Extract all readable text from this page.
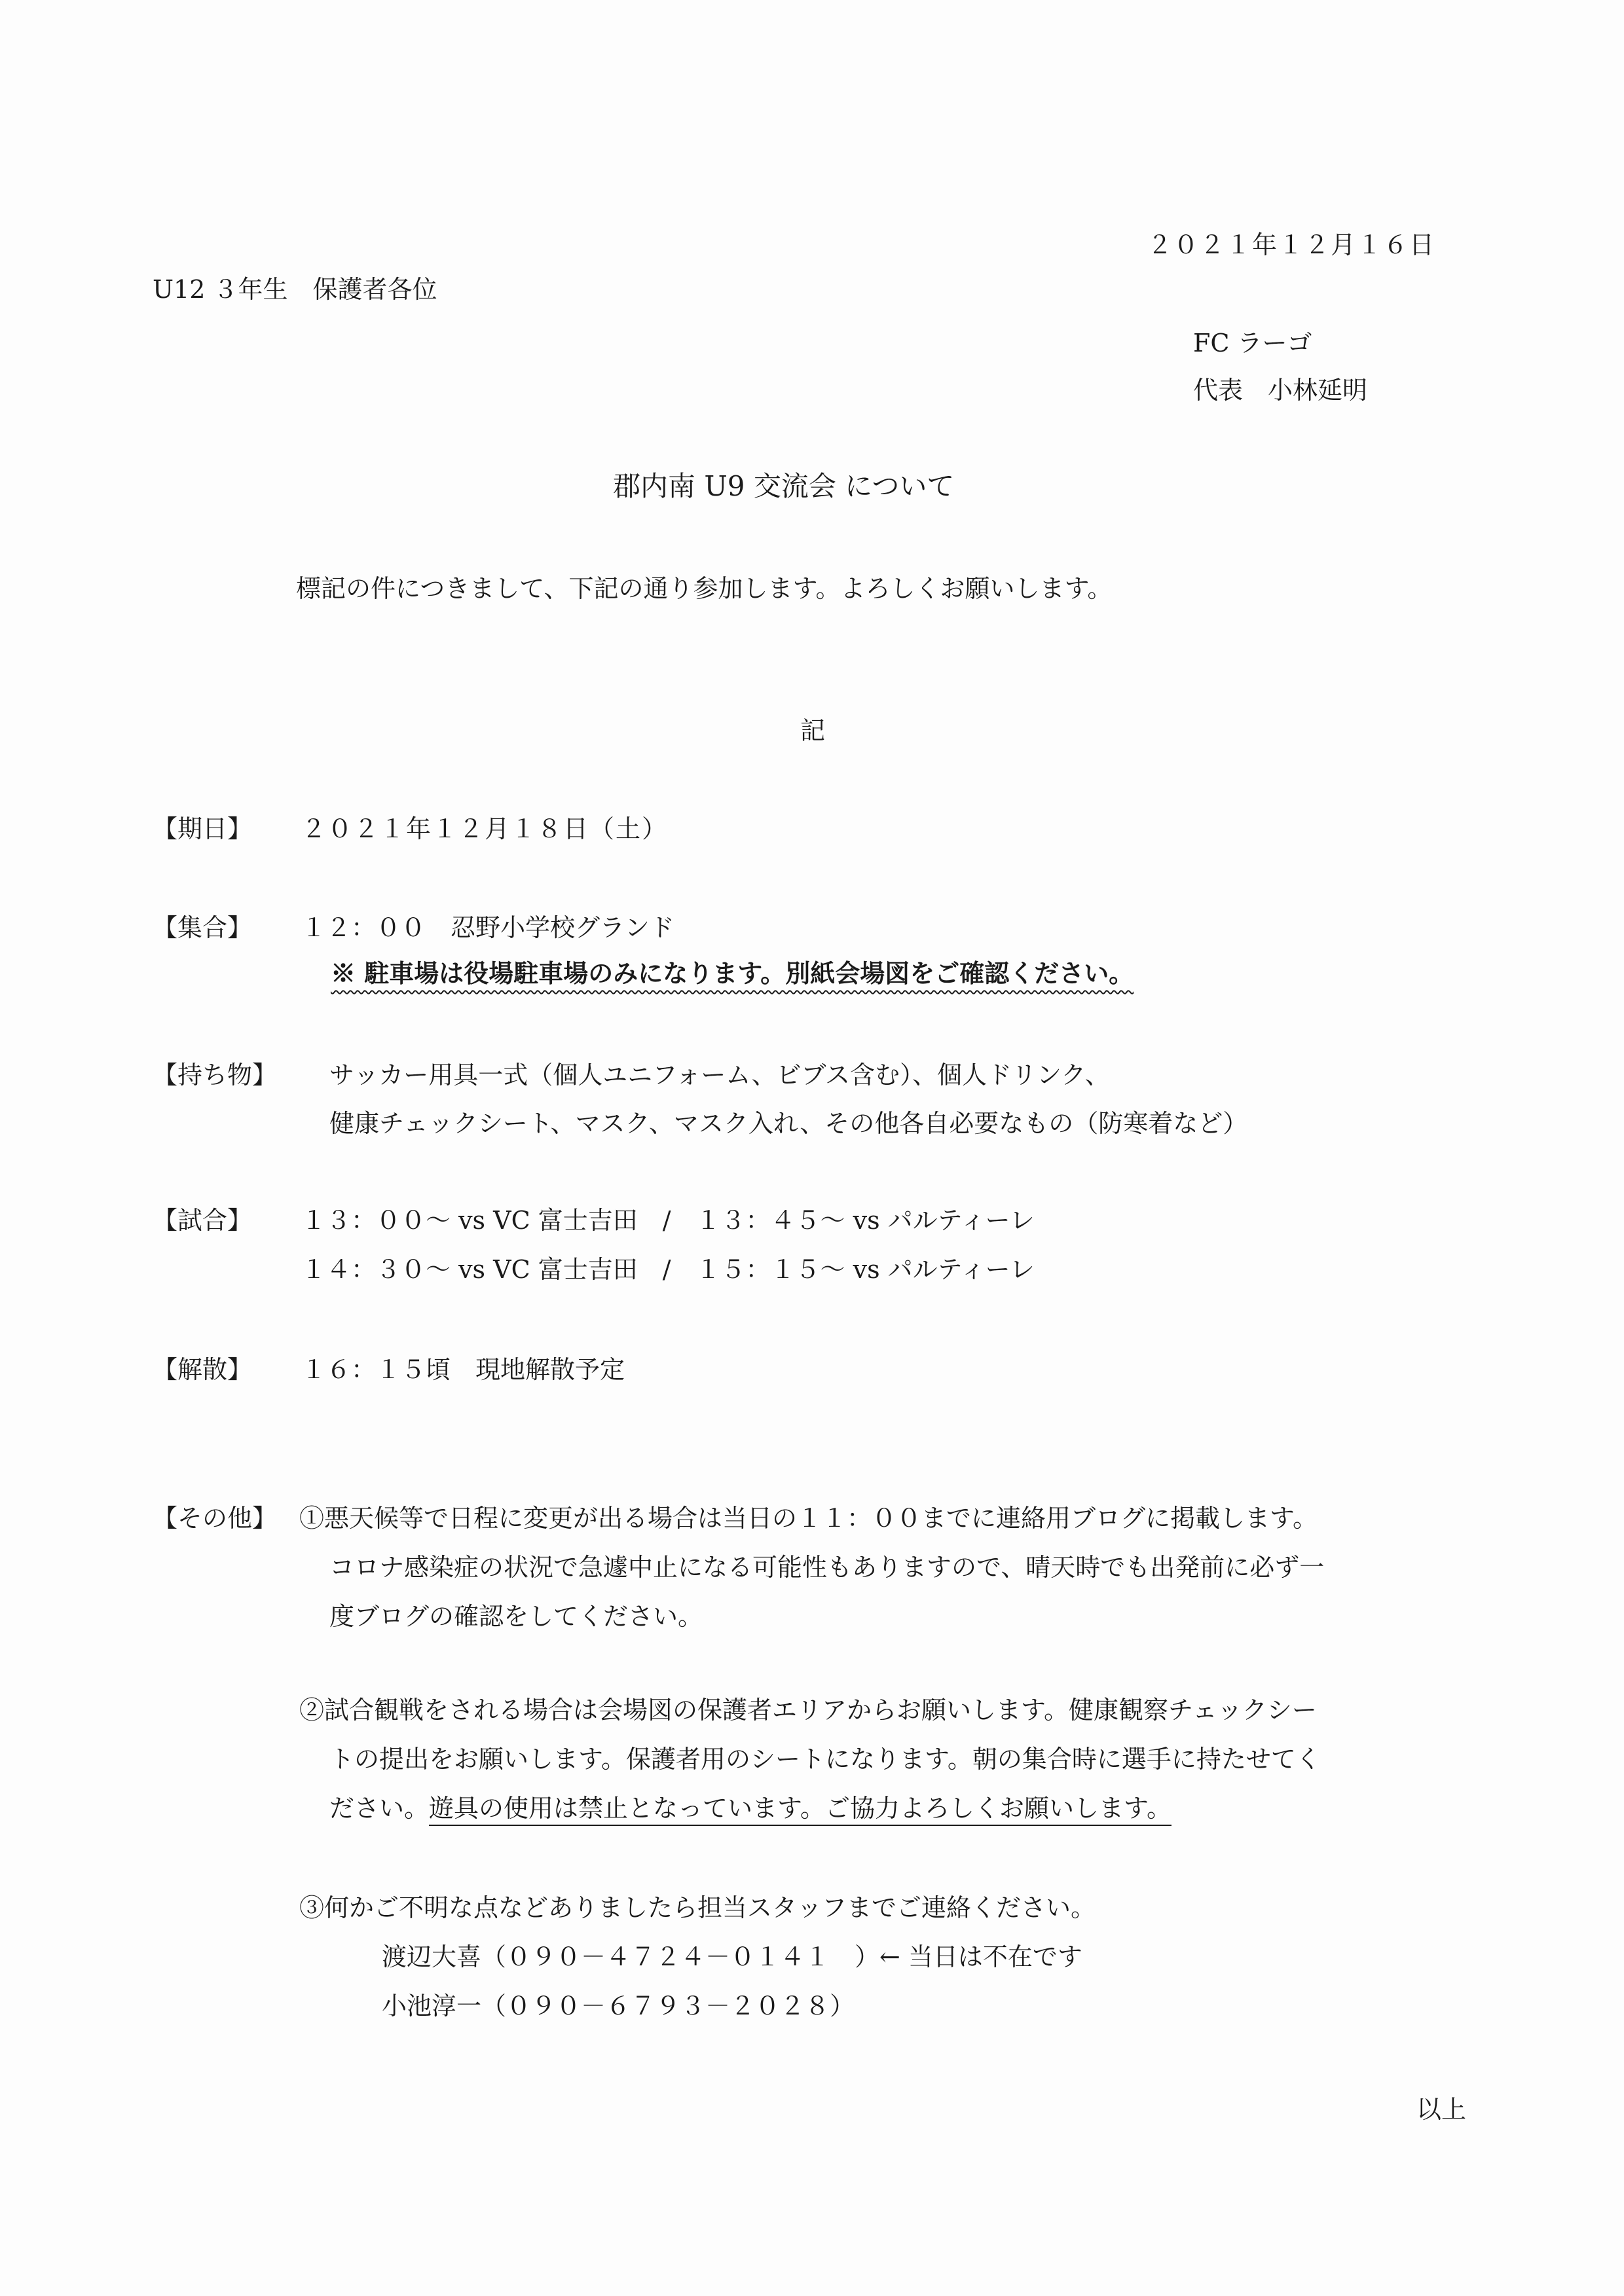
２０２１年１２月１６日
U12 ３年生　保護者各位
FC ラーゴ
代表　小林延明
郡内南 U9 交流会 について
標記の件につきまして、下記の通り参加します。よろしくお願いします。
記
【期日】 ２０２１年１２月１８日（土）
【集合】 １２：００　忍野小学校グランド
※ 駐車場は役場駐車場のみになります。別紙会場図をご確認ください。
【持ち物】 サッカー用具一式（個人ユニフォーム、ビブス含む）、個人ドリンク、
健康チェックシート、マスク、マスク入れ、その他各自必要なもの（防寒着など）
【試合】 １３：００～ vs VC 富士吉田　/　１３：４５～ vs パルティーレ
１４：３０～ vs VC 富士吉田　/　１５：１５～ vs パルティーレ
【解散】 １６：１５頃　現地解散予定
【その他】 ①悪天候等で日程に変更が出る場合は当日の１１：００までに連絡用ブログに掲載します。
コロナ感染症の状況で急遽中止になる可能性もありますので、晴天時でも出発前に必ず一
度ブログの確認をしてください。
②試合観戦をされる場合は会場図の保護者エリアからお願いします。健康観察チェックシー
トの提出をお願いします。保護者用のシートになります。朝の集合時に選手に持たせてく
ださい。遊具の使用は禁止となっています。ご協力よろしくお願いします。
③何かご不明な点などありましたら担当スタッフまでご連絡ください。
渡辺大喜（０９０－４７２４－０１４１　）← 当日は不在です
小池淳一（０９０－６７９３－２０２８）
以上
